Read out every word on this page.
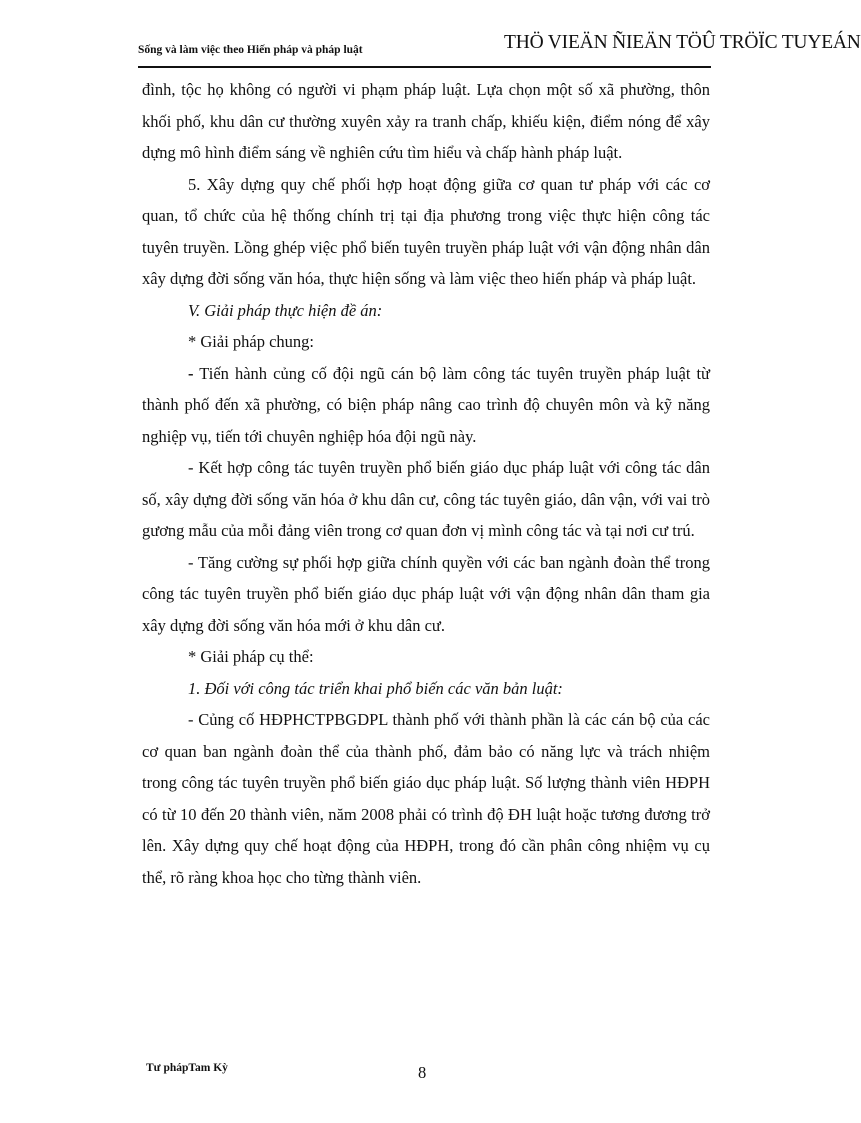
Sống và làm việc theo Hiến pháp và pháp luật	THÖ VIEÄN ÑIEÄN TÖÛ TRÖÏC TUYEÁN

đình, tộc họ không có người vi phạm pháp luật. Lựa chọn một số xã phường, thôn khối phố, khu dân cư thường xuyên xảy ra tranh chấp, khiếu kiện, điểm nóng để xây dựng mô hình điểm sáng về nghiên cứu tìm hiểu và chấp hành pháp luật.

5. Xây dựng quy chế phối hợp hoạt động giữa cơ quan tư pháp với các cơ quan, tổ chức của hệ thống chính trị tại địa phương trong việc thực hiện công tác tuyên truyền. Lồng ghép việc phổ biến tuyên truyền pháp luật với vận động nhân dân xây dựng đời sống văn hóa, thực hiện sống và làm việc theo hiến pháp và pháp luật.

V. Giải pháp thực hiện đề án:

* Giải pháp chung:

- Tiến hành củng cố đội ngũ cán bộ làm công tác tuyên truyền pháp luật từ thành phố đến xã phường, có biện pháp nâng cao trình độ chuyên môn và kỹ năng nghiệp vụ, tiến tới chuyên nghiệp hóa đội ngũ này.

- Kết hợp công tác tuyên truyền phổ biến giáo dục pháp luật với công tác dân số, xây dựng đời sống văn hóa ở khu dân cư, công tác tuyên giáo, dân vận, với vai trò gương mẫu của mỗi đảng viên trong cơ quan đơn vị mình công tác và tại nơi cư trú.

- Tăng cường sự phối hợp giữa chính quyền với các ban ngành đoàn thể trong công tác tuyên truyền phổ biến giáo dục pháp luật với vận động nhân dân tham gia xây dựng đời sống văn hóa mới ở khu dân cư.

* Giải pháp cụ thể:

1. Đối với công tác triển khai phổ biến các văn bản luật:

- Củng cố HĐPHCTPBGDPL thành phố với thành phần là các cán bộ của các cơ quan ban ngành đoàn thể của thành phố, đảm bảo có năng lực và trách nhiệm trong công tác tuyên truyền phổ biến giáo dục pháp luật. Số lượng thành viên HĐPH có từ 10 đến 20 thành viên, năm 2008 phải có trình độ ĐH luật hoặc tương đương trở lên. Xây dựng quy chế hoạt động của HĐPH, trong đó cần phân công nhiệm vụ cụ thể, rõ ràng khoa học cho từng thành viên.

Tư phápTam Kỳ	8
